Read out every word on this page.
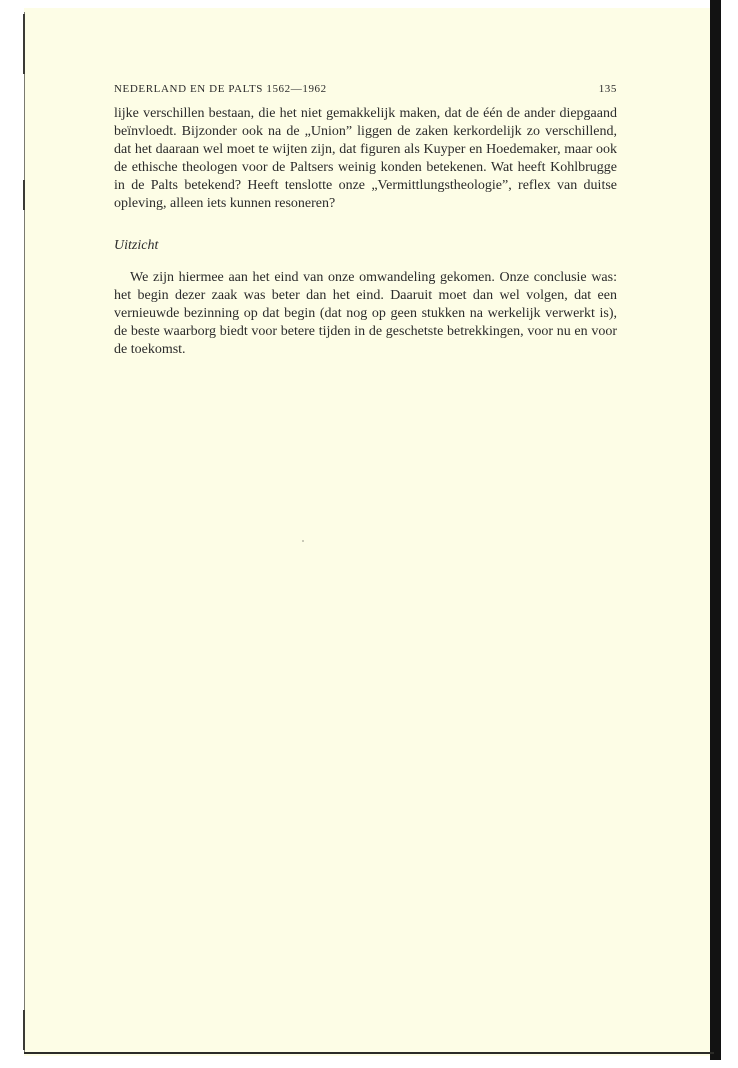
NEDERLAND EN DE PALTS 1562—1962	135

lijke verschillen bestaan, die het niet gemakkelijk maken, dat de één de ander diepgaand beïnvloedt. Bijzonder ook na de „Union” liggen de zaken kerkordelijk zo verschillend, dat het daaraan wel moet te wijten zijn, dat figuren als Kuyper en Hoedemaker, maar ook de ethische theologen voor de Paltsers weinig konden betekenen. Wat heeft Kohlbrugge in de Palts betekend? Heeft tenslotte onze „Vermittlungstheologie”, reflex van duitse opleving, alleen iets kunnen resoneren?

Uitzicht

We zijn hiermee aan het eind van onze omwandeling gekomen. Onze conclusie was: het begin dezer zaak was beter dan het eind. Daaruit moet dan wel volgen, dat een vernieuwde bezinning op dat begin (dat nog op geen stukken na werkelijk verwerkt is), de beste waarborg biedt voor betere tijden in de geschetste betrekkingen, voor nu en voor de toekomst.
